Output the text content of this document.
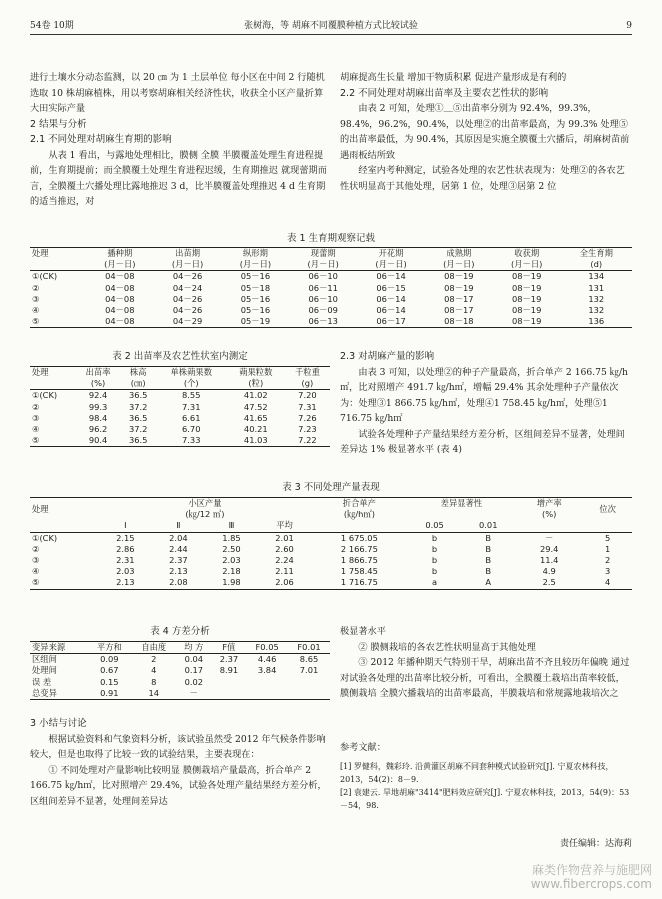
54卷 10期	张树海，等 胡麻不同覆膜种植方式比较试验	9

进行土壤水分动态监测，以 20 ㎝ 为 1 土层单位 每小区在中间 2 行随机选取 10 株胡麻植株，用以考察胡麻相关经济性状，收获全小区产量折算大田实际产量

2 结果与分析

2.1 不同处理对胡麻生育期的影响

从表 1 看出，与露地处理相比，膜侧 全膜 半膜覆盖处理生育进程提前，生育期提前；而全膜覆土处理生育进程迟缓，生育期推迟 就现蕾期而言，全膜覆土穴播处理比露地推迟 3 d，比半膜覆盖处理推迟 4 d 生育期的适当推迟，对

胡麻提高生长量 增加干物质积累 促进产量形成是有利的

2.2 不同处理对胡麻出苗率及主要农艺性状的影响

由表 2 可知，处理①＿⑤出苗率分别为 92.4%，99.3%，98.4%，96.2%，90.4%，以处理②的出苗率最高，为 99.3% 处理⑤的出苗率最低，为 90.4%，其原因是实施全膜覆土穴播后，胡麻树苗前遇雨板结所致

经室内考种测定，试验各处理的农艺性状表现为：处理②的各农艺性状明显高于其他处理，居第 1 位，处理③居第 2 位

表 1 生育期观察记载
处理	播种期	出苗期	纵形期	现蕾期	开花期	成熟期	收获期	全生育期
	(月－日)	(月－日)	(月－日)	(月－日)	(月－日)	(月－日)	(月－日)	(d)
①(CK)	04－08	04－26	05－16	06－10	06－14	08－19	08－19	134
②	04－08	04－24	05－18	06－11	06－15	08－19	08－19	131
③	04－08	04－26	05－16	06－10	06－14	08－17	08－19	132
④	04－08	04－26	05－16	06－09	06－14	08－17	08－19	132
⑤	04－08	04－29	05－19	06－13	06－17	08－18	08－19	136
表 2 出苗率及农艺性状室内测定
处理	出苗率	株高	单株蒴果数	蒴果粒数	千粒重
	(%)	(㎝)	(个)	(粒)	(g)
①(CK)	92.4	36.5	8.55	41.02	7.20
②	99.3	37.2	7.31	47.52	7.31
③	98.4	36.5	6.61	41.65	7.26
④	96.2	37.2	6.70	40.21	7.23
⑤	90.4	36.5	7.33	41.03	7.22

2.3 对胡麻产量的影响

由表 3 可知，以处理②的种子产量最高，折合单产 2 166.75 ㎏/h㎡，比对照增产 491.7 ㎏/h㎡，增幅 29.4% 其余处理种子产量依次为：处理③1 866.75 ㎏/h㎡，处理④1 758.45 ㎏/h㎡，处理⑤1 716.75 ㎏/h㎡

试验各处理种子产量结果经方差分析，区组间差异不显著，处理间差异达 1% 极显著水平 (表 4)

表 3 不同处理产量表现
处理	小区产量				折合单产	差异显著性		增产率	位次
	(㎏/12 ㎡)				(㎏/h㎡)			(%)	
	Ⅰ	Ⅱ	Ⅲ	平均		0.05	0.01		
①(CK)	2.15	2.04	1.85	2.01	1 675.05	b	B	－	5
②	2.86	2.44	2.50	2.60	2 166.75	b	B	29.4	1
③	2.31	2.37	2.03	2.24	1 866.75	b	B	11.4	2
④	2.03	2.13	2.18	2.11	1 758.45	b	B	4.9	3
⑤	2.13	2.08	1.98	2.06	1 716.75	a	A	2.5	4
表 4 方差分析
变异来源	平方和	自由度	均 方	F值	F0.05	F0.01
区组间	0.09	2	0.04	2.37	4.46	8.65
处理间	0.67	4	0.17	8.91	3.84	7.01
误 差	0.15	8	0.02			
总变异	0.91	14	－			

3 小结与讨论

根据试验资料和气象资料分析，该试验虽然受 2012 年气候条件影响较大，但是也取得了比较一致的试验结果，主要表现在：

① 不同处理对产量影响比较明显 膜侧栽培产量最高，折合单产 2 166.75 ㎏/h㎡，比对照增产 29.4%，试验各处理产量结果经方差分析，区组间差异不显著，处理间差异达

极显著水平

② 膜侧栽培的各农艺性状明显高于其他处理

③ 2012 年播种期天气特别干旱，胡麻出苗不齐且较历年偏晚 通过对试验各处理的出苗率比较分析，可看出，全膜覆土栽培出苗率较低，膜侧栽培 全膜穴播栽培的出苗率最高，半膜栽培和常规露地栽培次之

参考文献：
[1] 罗健科，魏彩玲. 沿黄灌区胡麻不同套种模式试验研究[J]. 宁夏农林科技，2013，54(2)：8－9.
[2] 袁建云. 旱地胡麻"3414"肥料效应研究[J]. 宁夏农林科技，2013，54(9)：53－54，98.
责任编辑：达海莉
麻类作物营养与施肥网
www.fibercrops.com
